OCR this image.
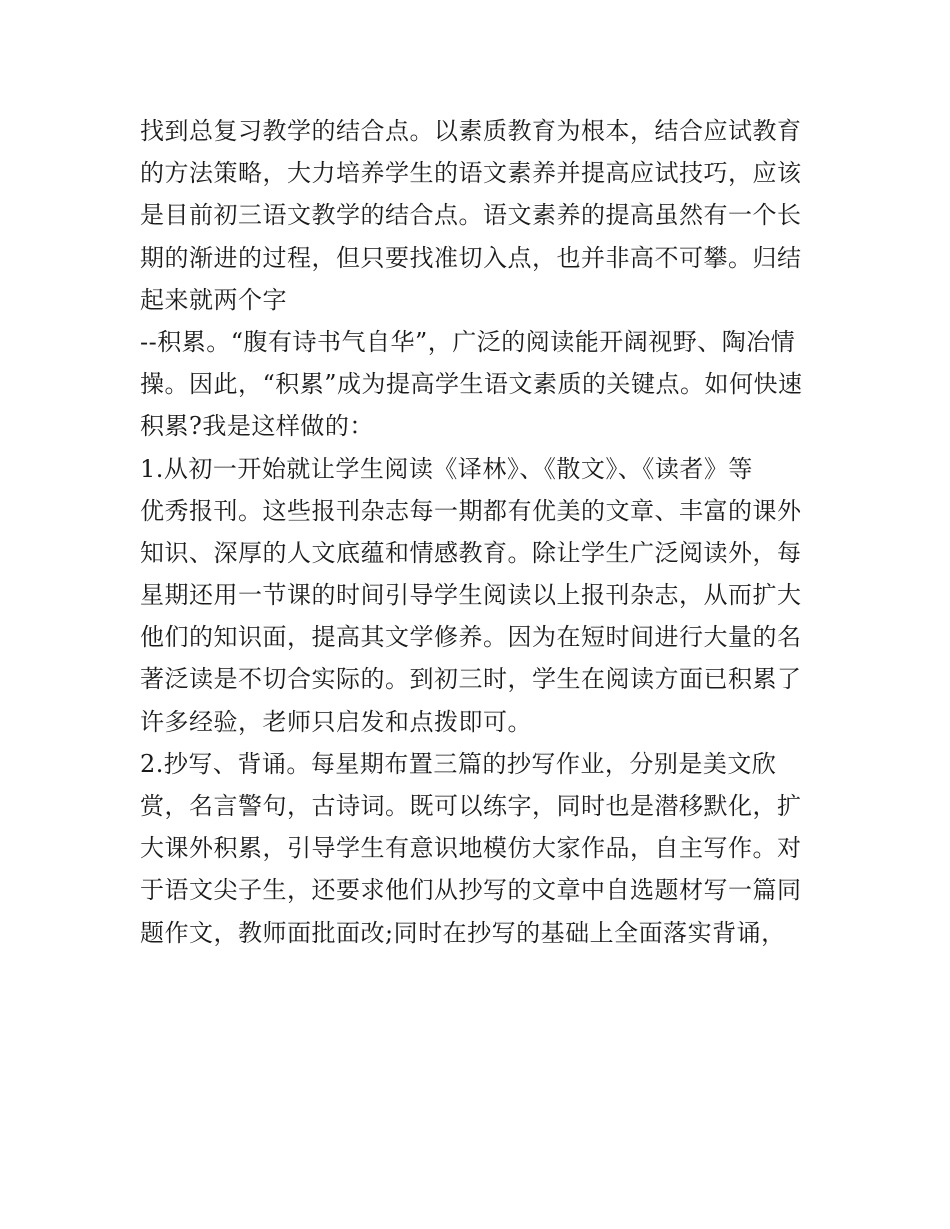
找到总复习教学的结合点。以素质教育为根本，结合应试教育
的方法策略，大力培养学生的语文素养并提高应试技巧，应该
是目前初三语文教学的结合点。语文素养的提高虽然有一个长
期的渐进的过程，但只要找准切入点，也并非高不可攀。归结
起来就两个字
--积累。“腹有诗书气自华”，广泛的阅读能开阔视野、陶冶情
操。因此，“积累”成为提高学生语文素质的关键点。如何快速
积累?我是这样做的：
1.从初一开始就让学生阅读《译林》、《散文》、《读者》等
优秀报刊。这些报刊杂志每一期都有优美的文章、丰富的课外
知识、深厚的人文底蕴和情感教育。除让学生广泛阅读外，每
星期还用一节课的时间引导学生阅读以上报刊杂志，从而扩大
他们的知识面，提高其文学修养。因为在短时间进行大量的名
著泛读是不切合实际的。到初三时，学生在阅读方面已积累了
许多经验，老师只启发和点拨即可。
2.抄写、背诵。每星期布置三篇的抄写作业，分别是美文欣
赏，名言警句，古诗词。既可以练字，同时也是潜移默化，扩
大课外积累，引导学生有意识地模仿大家作品，自主写作。对
于语文尖子生，还要求他们从抄写的文章中自选题材写一篇同
题作文，教师面批面改;同时在抄写的基础上全面落实背诵，
